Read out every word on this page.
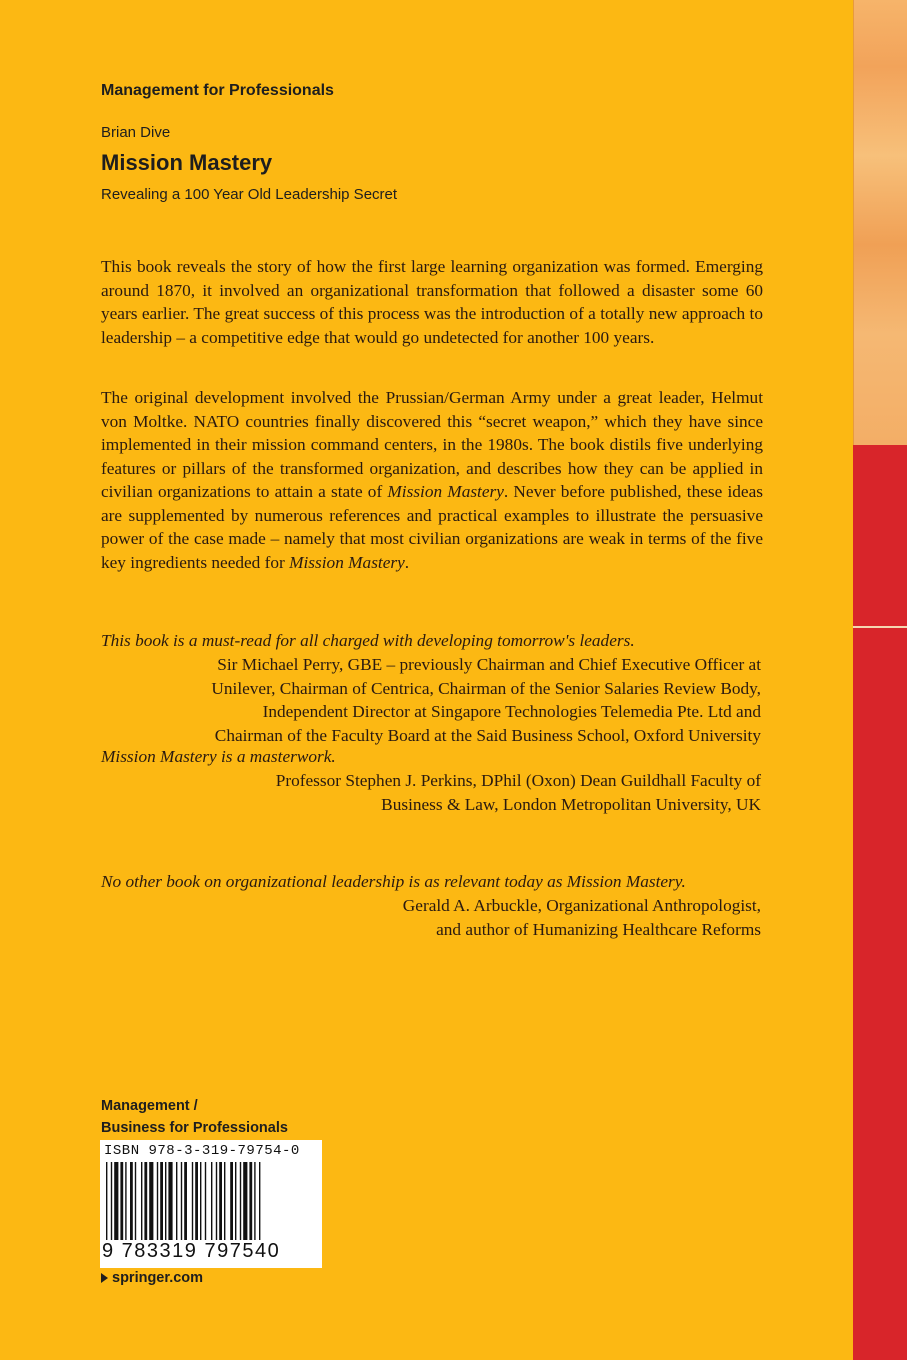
Management for Professionals
Brian Dive
Mission Mastery
Revealing a 100 Year Old Leadership Secret

This book reveals the story of how the first large learning organization was formed. Emerging around 1870, it involved an organizational transformation that followed a disaster some 60 years earlier. The great success of this process was the introduction of a totally new approach to leadership – a competitive edge that would go undetected for another 100 years.

The original development involved the Prussian/German Army under a great leader, Helmut von Moltke. NATO countries finally discovered this “secret weapon,” which they have since implemented in their mission command centers, in the 1980s. The book distils five underlying features or pillars of the transformed organization, and describes how they can be applied in civilian organizations to attain a state of Mission Mastery. Never before published, these ideas are supplemented by numerous references and practical examples to illustrate the persuasive power of the case made – namely that most civilian organizations are weak in terms of the five key ingredients needed for Mission Mastery.

This book is a must-read for all charged with developing tomorrow's leaders.

Sir Michael Perry, GBE – previously Chairman and Chief Executive Officer at
Unilever, Chairman of Centrica, Chairman of the Senior Salaries Review Body,
Independent Director at Singapore Technologies Telemedia Pte. Ltd and
Chairman of the Faculty Board at the Said Business School, Oxford University

Mission Mastery is a masterwork.

Professor Stephen J. Perkins, DPhil (Oxon) Dean Guildhall Faculty of
Business & Law, London Metropolitan University, UK

No other book on organizational leadership is as relevant today as Mission Mastery.

Gerald A. Arbuckle, Organizational Anthropologist,
and author of Humanizing Healthcare Reforms

Management /
Business for Professionals
ISBN 978-3-319-79754-0
9 783319 797540
springer.com
